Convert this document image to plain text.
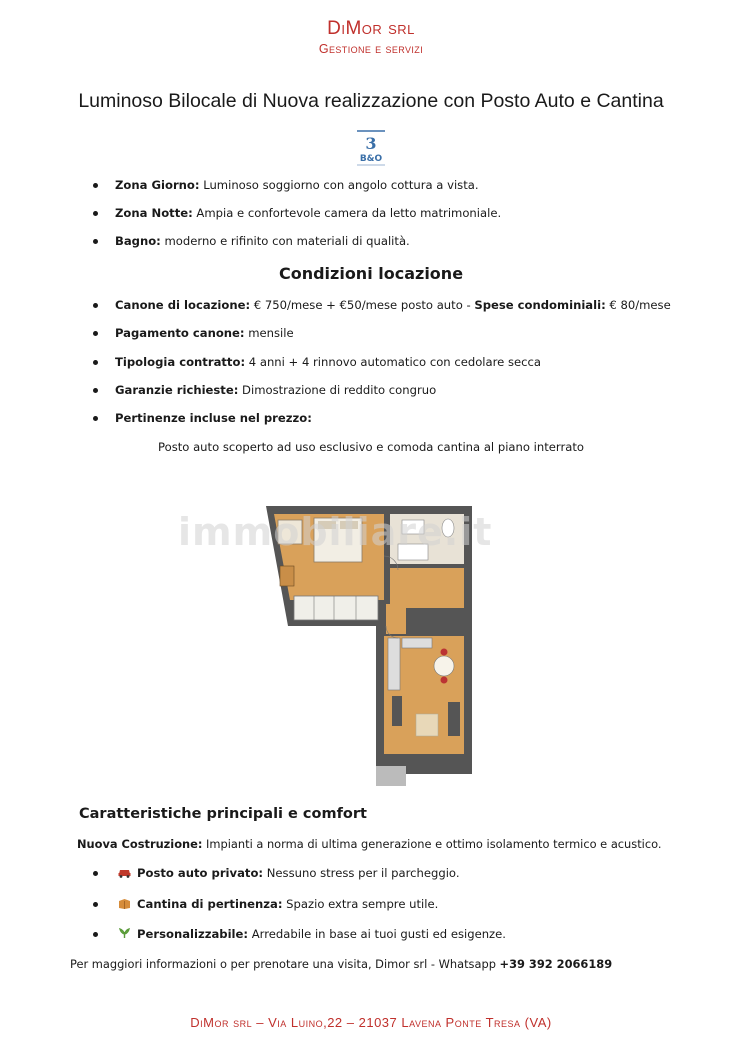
DiMor srl
Gestione e servizi
Luminoso Bilocale di Nuova realizzazione con Posto Auto e Cantina
3
B&O
Zona Giorno: Luminoso soggiorno con angolo cottura a vista.
Zona Notte: Ampia e confortevole camera da letto matrimoniale.
Bagno: moderno e rifinito con materiali di qualità.
Condizioni locazione
Canone di locazione: € 750/mese + €50/mese posto auto - Spese condominiali: € 80/mese
Pagamento canone: mensile
Tipologia contratto: 4 anni + 4 rinnovo automatico con cedolare secca
Garanzie richieste: Dimostrazione di reddito congruo
Pertinenze incluse nel prezzo:
Posto auto scoperto ad uso esclusivo e comoda cantina al piano interrato
immobiliare.it
Caratteristiche principali e comfort
Nuova Costruzione: Impianti a norma di ultima generazione e ottimo isolamento termico e acustico.
Posto auto privato: Nessuno stress per il parcheggio.
Cantina di pertinenza: Spazio extra sempre utile.
Personalizzabile: Arredabile in base ai tuoi gusti ed esigenze.
Per maggiori informazioni o per prenotare una visita, Dimor srl - Whatsapp +39 392 2066189
DiMor srl – Via Luino,22 – 21037 Lavena Ponte Tresa (VA)
